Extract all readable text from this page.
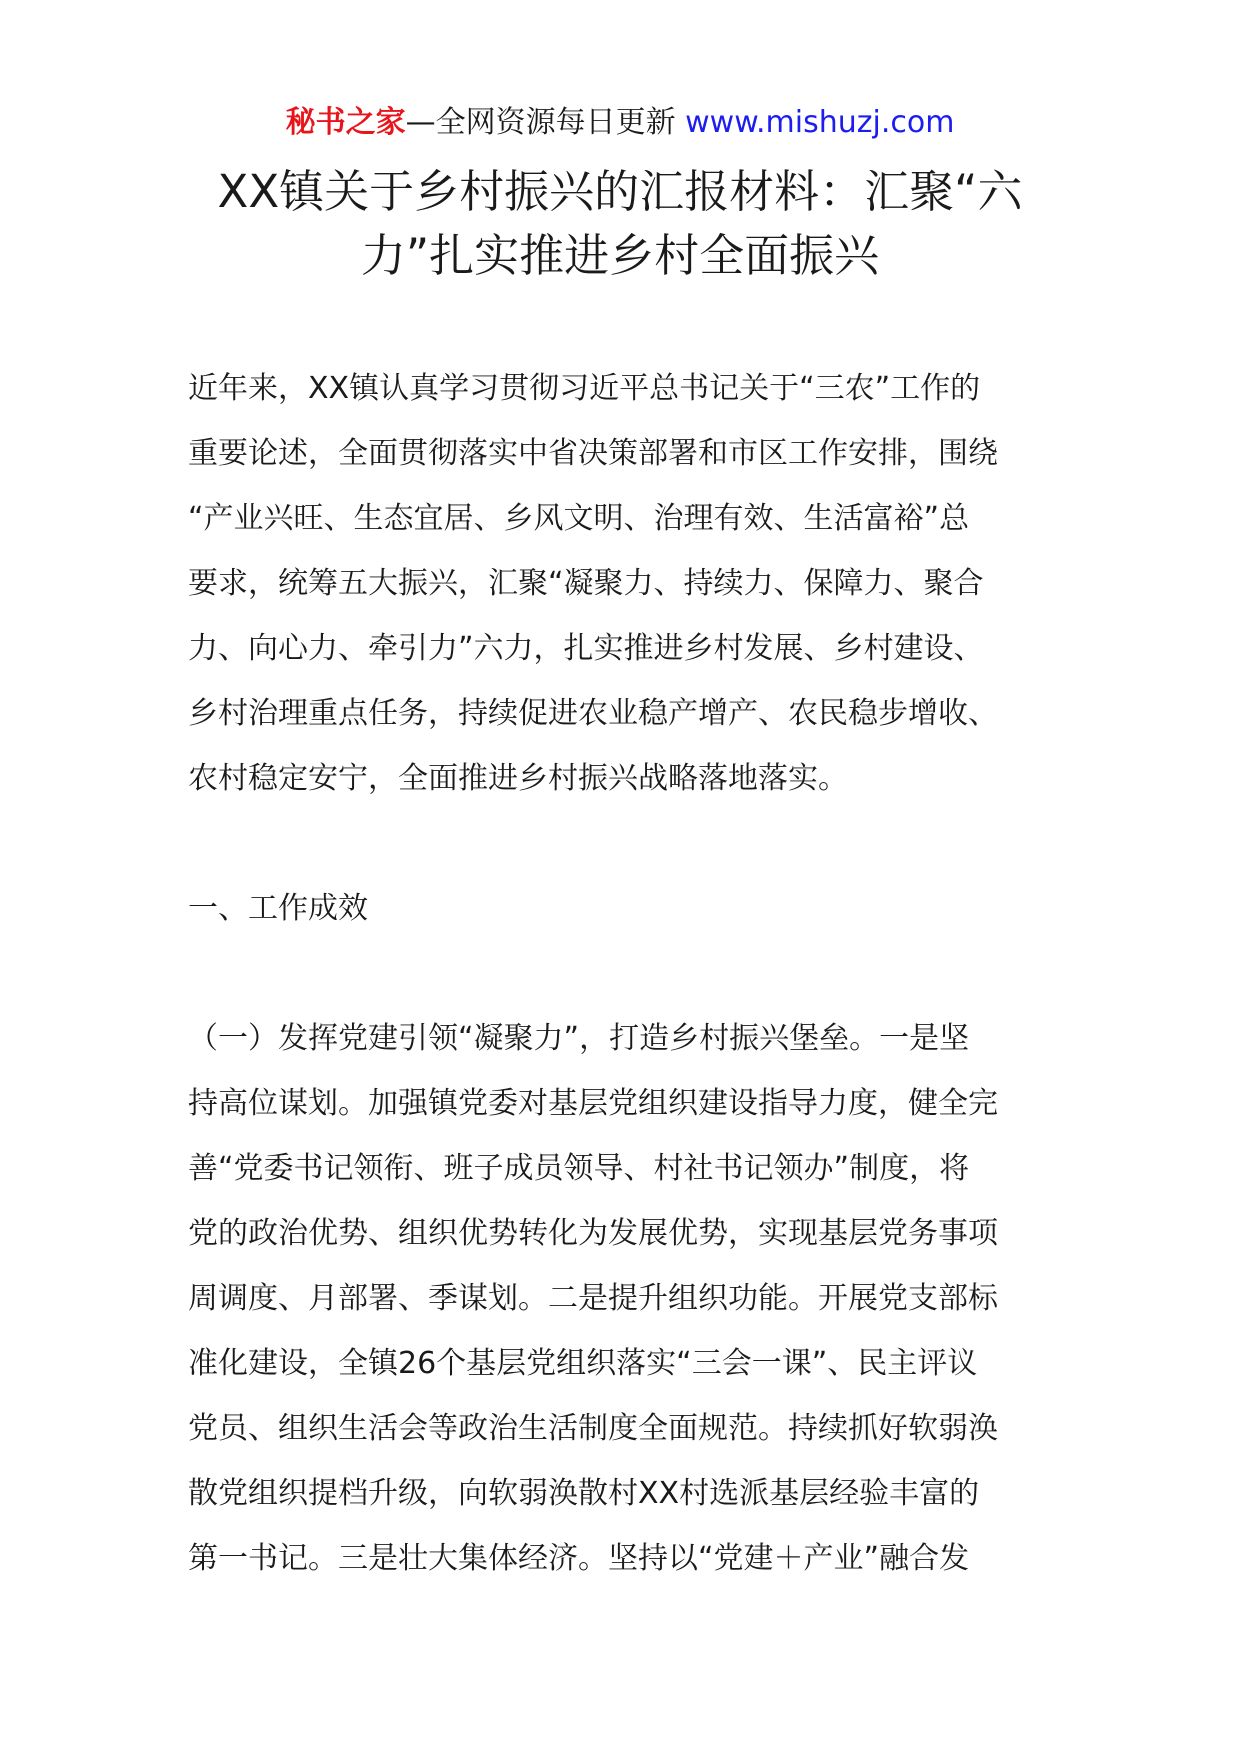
秘书之家—全网资源每日更新 www.mishuzj.com
XX镇关于乡村振兴的汇报材料：汇聚“六
力”扎实推进乡村全面振兴
近年来，XX镇认真学习贯彻习近平总书记关于“三农”工作的
重要论述，全面贯彻落实中省决策部署和市区工作安排，围绕
“产业兴旺、生态宜居、乡风文明、治理有效、生活富裕”总
要求，统筹五大振兴，汇聚“凝聚力、持续力、保障力、聚合
力、向心力、牵引力”六力，扎实推进乡村发展、乡村建设、
乡村治理重点任务，持续促进农业稳产增产、农民稳步增收、
农村稳定安宁，全面推进乡村振兴战略落地落实。
一、工作成效
（一）发挥党建引领“凝聚力”，打造乡村振兴堡垒。一是坚
持高位谋划。加强镇党委对基层党组织建设指导力度，健全完
善“党委书记领衔、班子成员领导、村社书记领办”制度，将
党的政治优势、组织优势转化为发展优势，实现基层党务事项
周调度、月部署、季谋划。二是提升组织功能。开展党支部标
准化建设，全镇26个基层党组织落实“三会一课”、民主评议
党员、组织生活会等政治生活制度全面规范。持续抓好软弱涣
散党组织提档升级，向软弱涣散村XX村选派基层经验丰富的
第一书记。三是壮大集体经济。坚持以“党建＋产业”融合发
